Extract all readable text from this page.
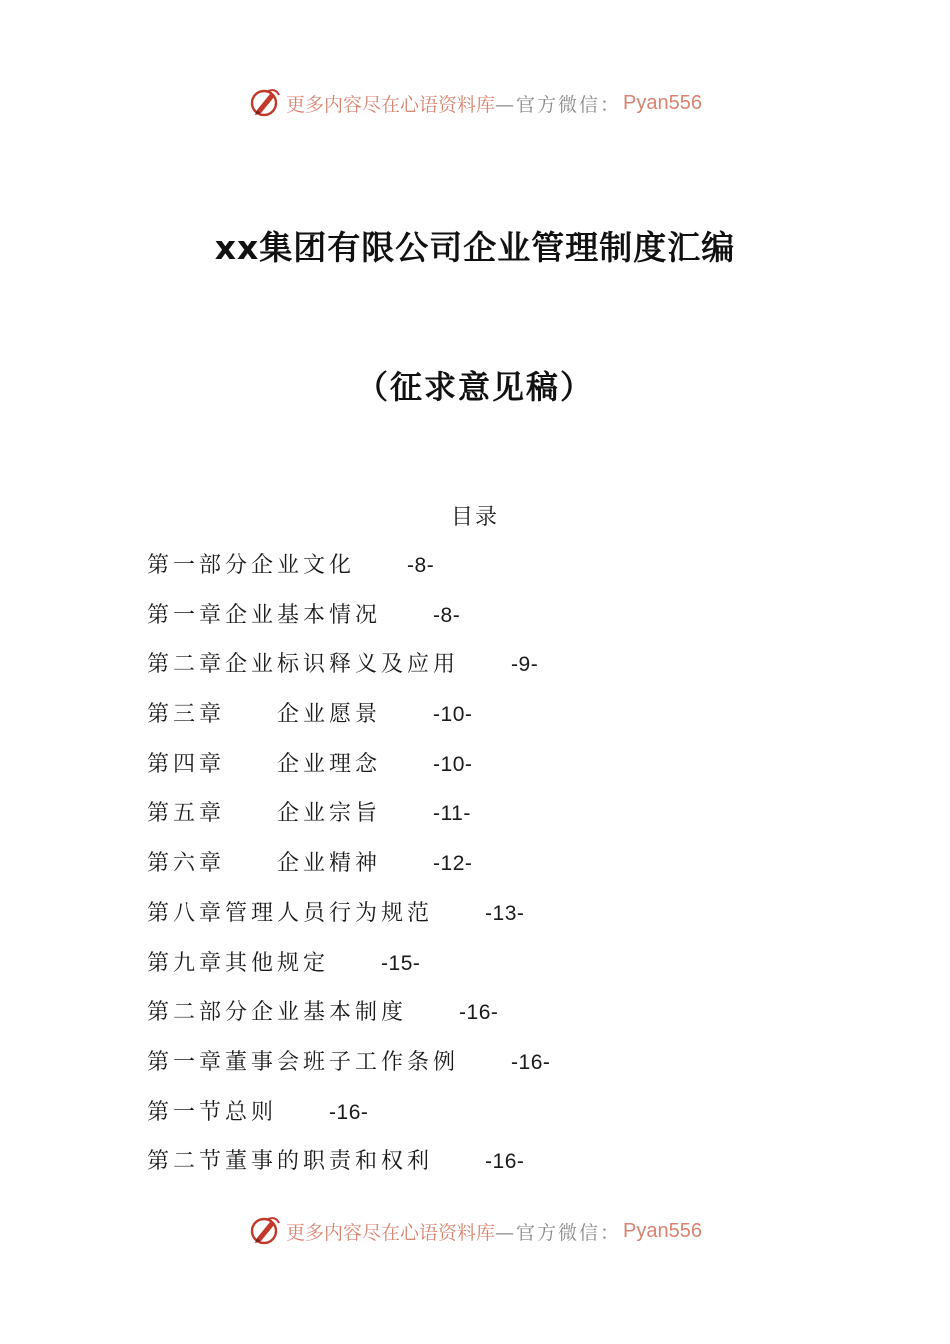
更多内容尽在心语资料库 —官方微信： Pyan556
xx集团有限公司企业管理制度汇编
（征求意见稿）
目录
第一部分企业文化 -8-
第一章企业基本情况 -8-
第二章企业标识释义及应用 -9-
第三章 企业愿景 -10-
第四章 企业理念 -10-
第五章 企业宗旨 -11-
第六章 企业精神 -12-
第八章管理人员行为规范 -13-
第九章其他规定 -15-
第二部分企业基本制度 -16-
第一章董事会班子工作条例 -16-
第一节总则 -16-
第二节董事的职责和权利 -16-
更多内容尽在心语资料库 —官方微信： Pyan556
